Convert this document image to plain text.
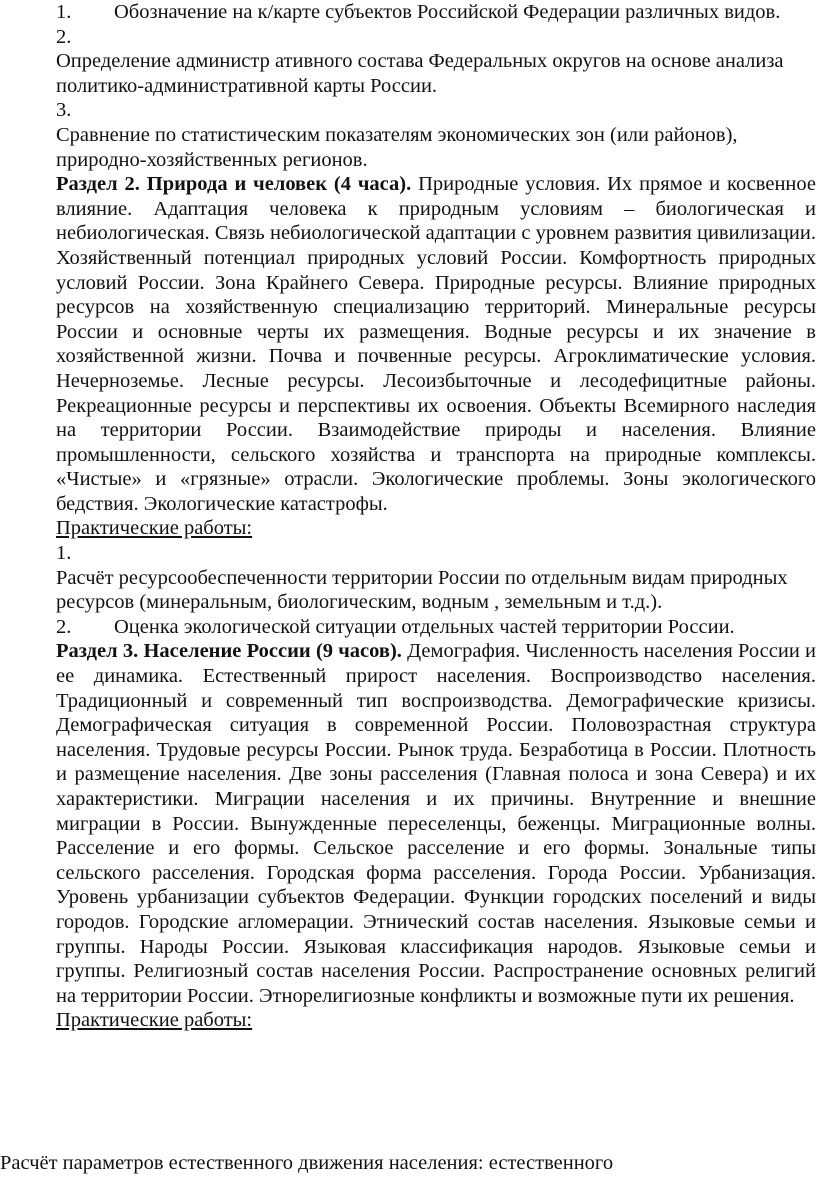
1.	Обозначение на к/карте субъектов Российской Федерации различных видов.
2.
Определение администр ативного состава Федеральных округов на основе анализа политико-административной карты России.
3.
Сравнение по статистическим показателям экономических зон (или районов), природно-хозяйственных регионов.

Раздел 2. Природа и человек (4 часа). Природные условия. Их прямое и косвенное влияние. Адаптация человека к природным условиям – биологическая и небиологическая. Связь небиологической адаптации с уровнем развития цивилизации. Хозяйственный потенциал природных условий России. Комфортность природных условий России. Зона Крайнего Севера. Природные ресурсы. Влияние природных ресурсов на хозяйственную специализацию территорий. Минеральные ресурсы России и основные черты их размещения. Водные ресурсы и их значение в хозяйственной жизни. Почва и почвенные ресурсы. Агроклиматические условия. Нечерноземье. Лесные ресурсы. Лесоизбыточные и лесодефицитные районы. Рекреационные ресурсы и перспективы их освоения. Объекты Всемирного наследия на территории России. Взаимодействие природы и населения. Влияние промышленности, сельского хозяйства и транспорта на природные комплексы. «Чистые» и «грязные» отрасли. Экологические проблемы. Зоны экологического бедствия. Экологические катастрофы.

Практические работы:

1.
Расчёт ресурсообеспеченности территории России по отдельным видам природных ресурсов (минеральным, биологическим, водным , земельным и т.д.).
2.	Оценка экологической ситуации отдельных частей территории России.

Раздел 3. Население России (9 часов). Демография. Численность населения России и ее динамика. Естественный прирост населения. Воспроизводство населения. Традиционный и современный тип воспроизводства. Демографические кризисы. Демографическая ситуация в современной России. Половозрастная структура населения. Трудовые ресурсы России. Рынок труда. Безработица в России. Плотность и размещение населения. Две зоны расселения (Главная полоса и зона Севера) и их характеристики. Миграции населения и их причины. Внутренние и внешние миграции в России. Вынужденные переселенцы, беженцы. Миграционные волны. Расселение и его формы. Сельское расселение и его формы. Зональные типы сельского расселения. Городская форма расселения. Города России. Урбанизация. Уровень урбанизации субъектов Федерации. Функции городских поселений и виды городов. Городские агломерации. Этнический состав населения. Языковые семьи и группы. Народы России. Языковая классификация народов. Языковые семьи и группы. Религиозный состав населения России. Распространение основных религий на территории России. Этнорелигиозные конфликты и возможные пути их решения.

Практические работы:

Расчёт параметров естественного движения населения: естественного
